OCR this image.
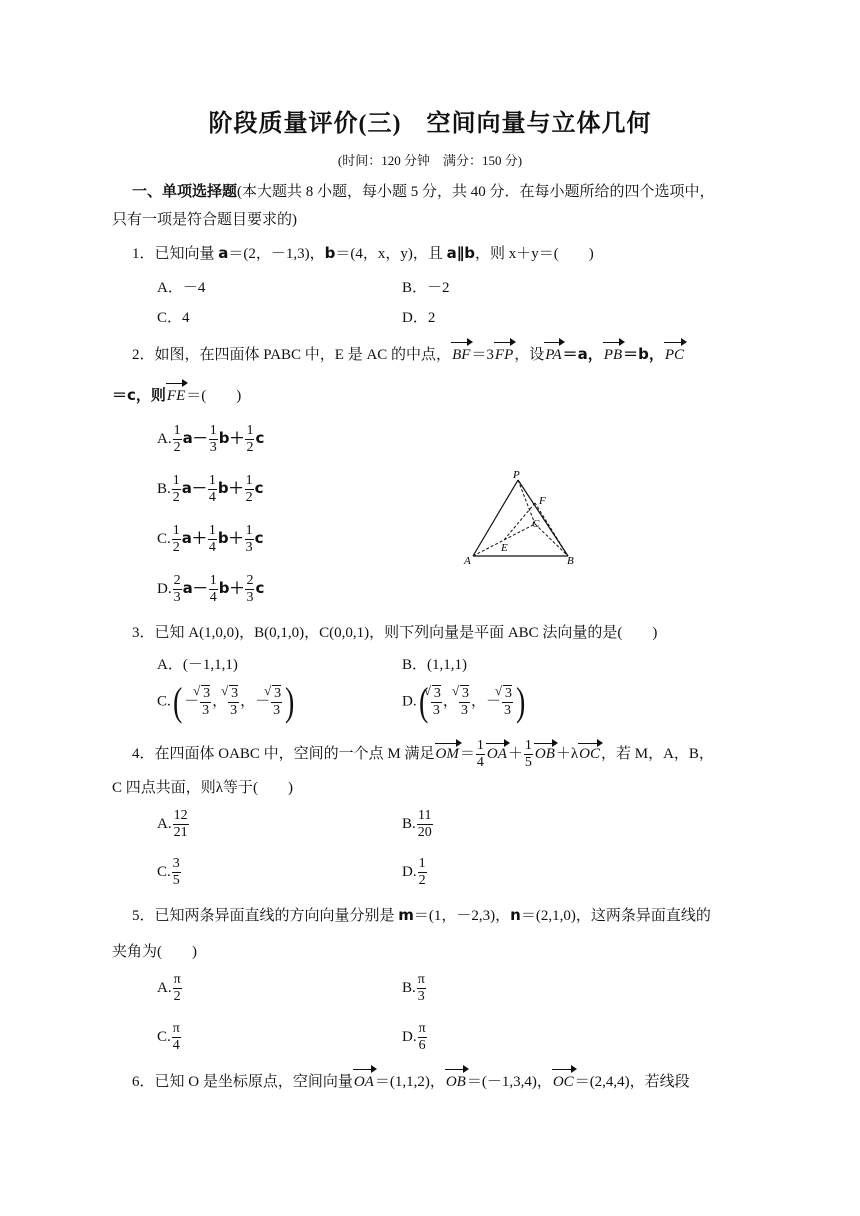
阶段质量评价(三)　空间向量与立体几何
(时间：120 分钟　满分：150 分)
一、单项选择题(本大题共 8 小题，每小题 5 分，共 40 分．在每小题所给的四个选项中，
只有一项是符合题目要求的)
1．已知向量 a＝(2，－1,3)，b＝(4，x，y)，且 a∥b，则 x＋y＝(　　)
A．－4	B．－2
C．4	D．2
2．如图，在四面体 PABC 中，E 是 AC 的中点，BF＝3FP，设PA＝a，PB＝b，PC
＝c，则FE＝(　　)
A. $\frac{1}{2} a- \frac{1}{3} b+ \frac{1}{2}$ c
B. $\frac{1}{2} a- \frac{1}{4} b+ \frac{1}{2}$ c
C. $\frac{1}{2} a+ \frac{1}{4} b+ \frac{1}{3}$ c
D. $\frac{2}{3} a- \frac{1}{4} b+ \frac{2}{3}$ c
P
F
C
E
A	B
3．已知 A(1,0,0)，B(0,1,0)，C(0,0,1)，则下列向量是平面 ABC 法向量的是(　　)
A．(－1,1,1)	B．(1,1,1)
C.( － √ $\frac{3}{3}$ ， √ $\frac{3}{3}$ ，－ √ $\frac{3}{3}$ )	D.( √ $\frac{3}{3}$ ， √ $\frac{3}{3}$ ，－ √ $\frac{3}{3}$ )
4．在四面体 OABC 中，空间的一个点 M 满足$OM= \frac{1}{4} OA+ \frac{1}{5} OB+\lambda OC$，若 M，A，B，
C 四点共面，则λ等于(　　)
A. $\frac{12}{21}$	B. $\frac{11}{20}$
C. $\frac{3}{5}$	D. $\frac{1}{2}$
5．已知两条异面直线的方向向量分别是 m＝(1，－2,3)，n＝(2,1,0)，这两条异面直线的
夹角为(　　)
A. $\frac{\pi}{2}$	B. $\frac{\pi}{3}$
C. $\frac{\pi}{4}$	D. $\frac{\pi}{6}$
6．已知 O 是坐标原点，空间向量OA＝(1,1,2)，OB＝(－1,3,4)，OC＝(2,4,4)，若线段
